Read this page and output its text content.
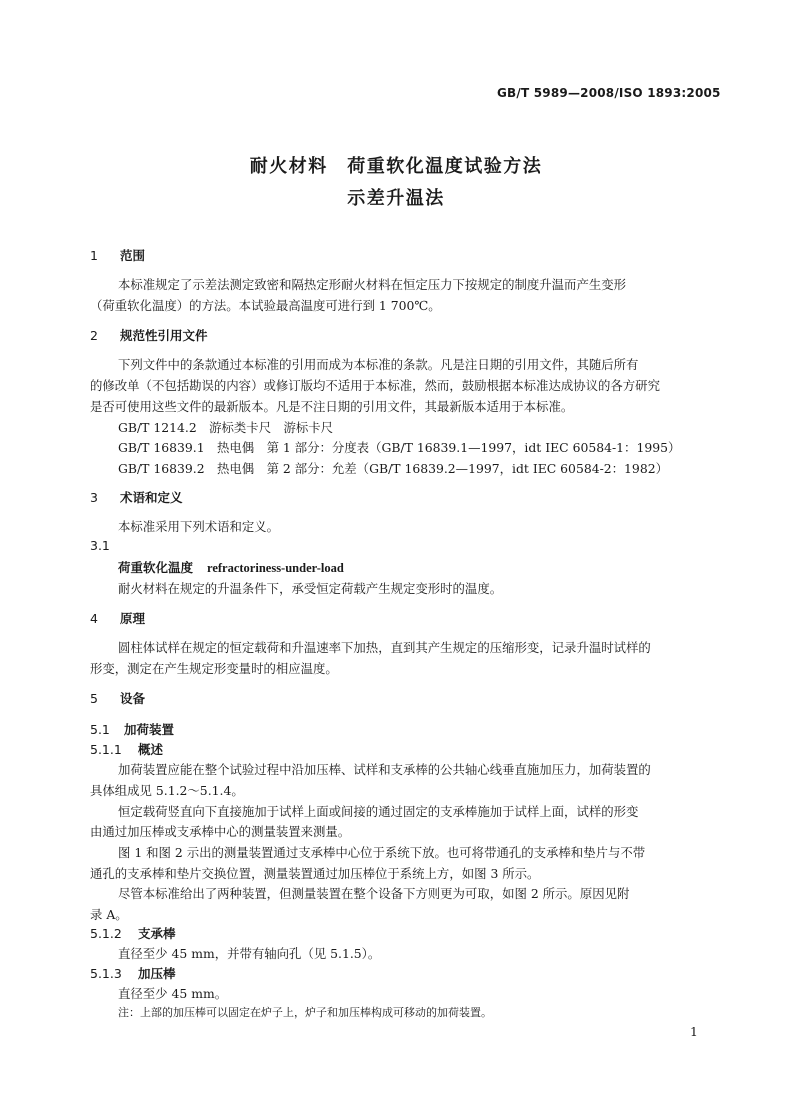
GB/T 5989—2008/ISO 1893:2005
耐火材料　荷重软化温度试验方法
示差升温法
1 范围
本标准规定了示差法测定致密和隔热定形耐火材料在恒定压力下按规定的制度升温而产生变形
（荷重软化温度）的方法。本试验最高温度可进行到 1 700℃。
2 规范性引用文件
下列文件中的条款通过本标准的引用而成为本标准的条款。凡是注日期的引用文件，其随后所有
的修改单（不包括勘误的内容）或修订版均不适用于本标准，然而，鼓励根据本标准达成协议的各方研究
是否可使用这些文件的最新版本。凡是不注日期的引用文件，其最新版本适用于本标准。
GB/T 1214.2　游标类卡尺　游标卡尺
GB/T 16839.1　热电偶　第 1 部分：分度表（GB/T 16839.1—1997，idt IEC 60584-1：1995）
GB/T 16839.2　热电偶　第 2 部分：允差（GB/T 16839.2—1997，idt IEC 60584-2：1982）
3 术语和定义
本标准采用下列术语和定义。
3.1
荷重软化温度 refractoriness-under-load
耐火材料在规定的升温条件下，承受恒定荷载产生规定变形时的温度。
4 原理
圆柱体试样在规定的恒定载荷和升温速率下加热，直到其产生规定的压缩形变，记录升温时试样的
形变，测定在产生规定形变量时的相应温度。
5 设备
5.1 加荷装置
5.1.1 概述
加荷装置应能在整个试验过程中沿加压棒、试样和支承棒的公共轴心线垂直施加压力，加荷装置的
具体组成见 5.1.2～5.1.4。
恒定载荷竖直向下直接施加于试样上面或间接的通过固定的支承棒施加于试样上面，试样的形变
由通过加压棒或支承棒中心的测量装置来测量。
图 1 和图 2 示出的测量装置通过支承棒中心位于系统下放。也可将带通孔的支承棒和垫片与不带
通孔的支承棒和垫片交换位置，测量装置通过加压棒位于系统上方，如图 3 所示。
尽管本标准给出了两种装置，但测量装置在整个设备下方则更为可取，如图 2 所示。原因见附
录 A。
5.1.2 支承棒
直径至少 45 mm，并带有轴向孔（见 5.1.5）。
5.1.3 加压棒
直径至少 45 mm。
注：上部的加压棒可以固定在炉子上，炉子和加压棒构成可移动的加荷装置。
1
